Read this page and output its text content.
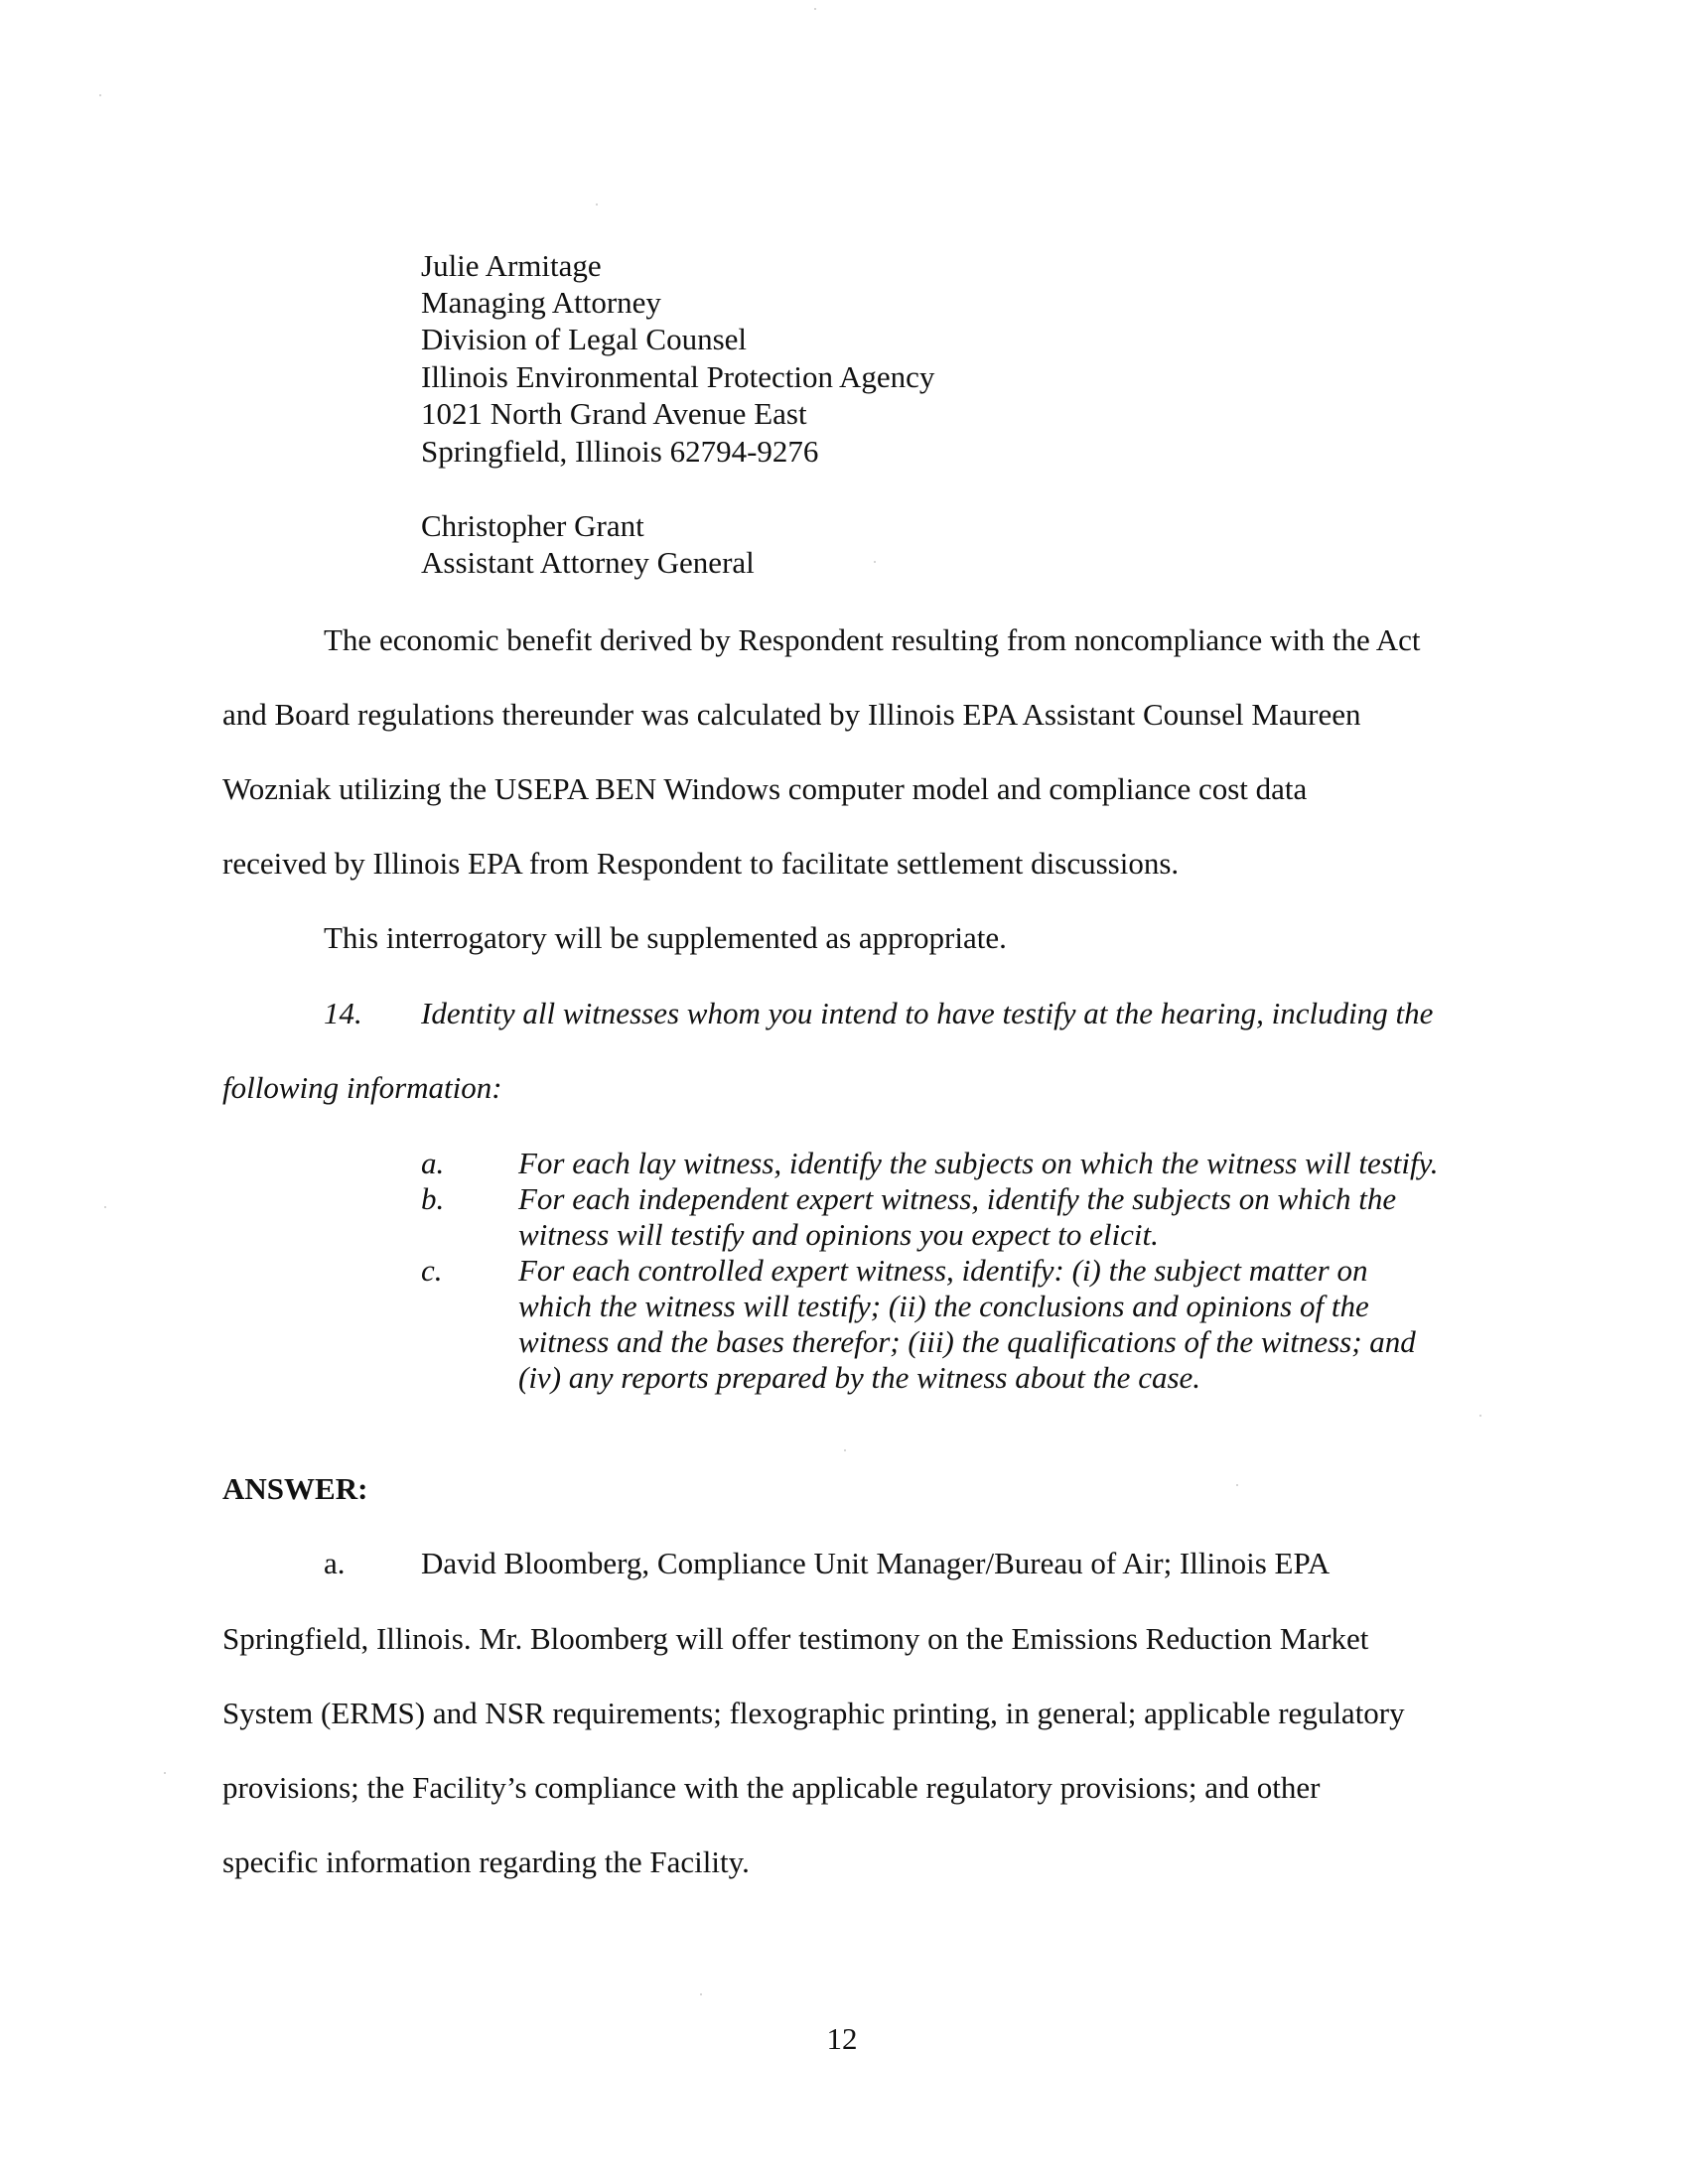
Julie Armitage
Managing Attorney
Division of Legal Counsel
Illinois Environmental Protection Agency
1021 North Grand Avenue East
Springfield, Illinois 62794-9276
Christopher Grant
Assistant Attorney General
The economic benefit derived by Respondent resulting from noncompliance with the Act
and Board regulations thereunder was calculated by Illinois EPA Assistant Counsel Maureen
Wozniak utilizing the USEPA BEN Windows computer model and compliance cost data
received by Illinois EPA from Respondent to facilitate settlement discussions.
This interrogatory will be supplemented as appropriate.
14. Identity all witnesses whom you intend to have testify at the hearing, including the
following information:
a. For each lay witness, identify the subjects on which the witness will testify.
b. For each independent expert witness, identify the subjects on which the
witness will testify and opinions you expect to elicit.
c. For each controlled expert witness, identify: (i) the subject matter on
which the witness will testify; (ii) the conclusions and opinions of the
witness and the bases therefor; (iii) the qualifications of the witness; and
(iv) any reports prepared by the witness about the case.
ANSWER:
a. David Bloomberg, Compliance Unit Manager/Bureau of Air; Illinois EPA
Springfield, Illinois. Mr. Bloomberg will offer testimony on the Emissions Reduction Market
System (ERMS) and NSR requirements; flexographic printing, in general; applicable regulatory
provisions; the Facility’s compliance with the applicable regulatory provisions; and other
specific information regarding the Facility.
12
